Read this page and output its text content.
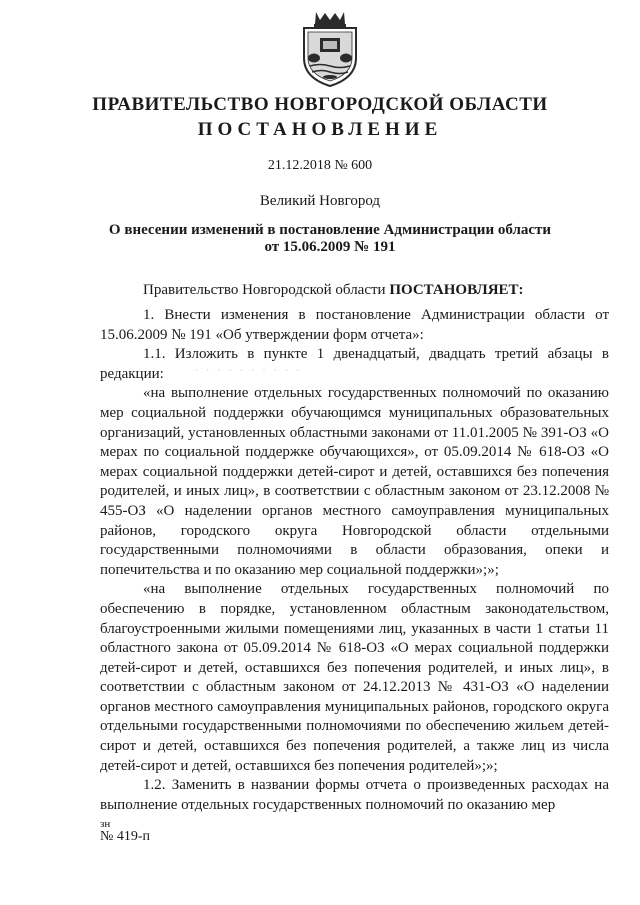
ПРАВИТЕЛЬСТВО НОВГОРОДСКОЙ ОБЛАСТИ
ПОСТАНОВЛЕНИЕ

21.12.2018 № 600

Великий Новгород

О внесении изменений в постановление Администрации области
от 15.06.2009 № 191

Правительство Новгородской области ПОСТАНОВЛЯЕТ:

1. Внести изменения в постановление Администрации области от 15.06.2009 № 191 «Об утверждении форм отчета»:

1.1. Изложить в пункте 1 двенадцатый, двадцать третий абзацы в редакции:

«на выполнение отдельных государственных полномочий по оказанию мер социальной поддержки обучающимся муниципальных образовательных организаций, установленных областными законами от 11.01.2005 № 391-ОЗ «О мерах по социальной поддержке обучающихся», от 05.09.2014 № 618-ОЗ «О мерах социальной поддержки детей-сирот и детей, оставшихся без попечения родителей, и иных лиц», в соответствии с областным законом от 23.12.2008 № 455-ОЗ «О наделении органов местного самоуправления муниципальных районов, городского округа Новгородской области отдельными государственными полномочиями в области образования, опеки и попечительства и по оказанию мер социальной поддержки»;»;

«на выполнение отдельных государственных полномочий по обеспечению в порядке, установленном областным законодательством, благоустроенными жилыми помещениями лиц, указанных в части 1 статьи 11 областного закона от 05.09.2014 № 618-ОЗ «О мерах социальной поддержки детей-сирот и детей, оставшихся без попечения родителей, и иных лиц», в соответствии с областным законом от 24.12.2013 № 431-ОЗ «О наделении органов местного самоуправления муниципальных районов, городского округа отдельными государственными полномочиями по обеспечению жильем детей-сирот и детей, оставшихся без попечения родителей, а также лиц из числа детей-сирот и детей, оставшихся без попечения родителей»;»;

1.2. Заменить в названии формы отчета о произведенных расходах на выполнение отдельных государственных полномочий по оказанию мер

· · · · · · · · · ·

зн

№ 419-п
